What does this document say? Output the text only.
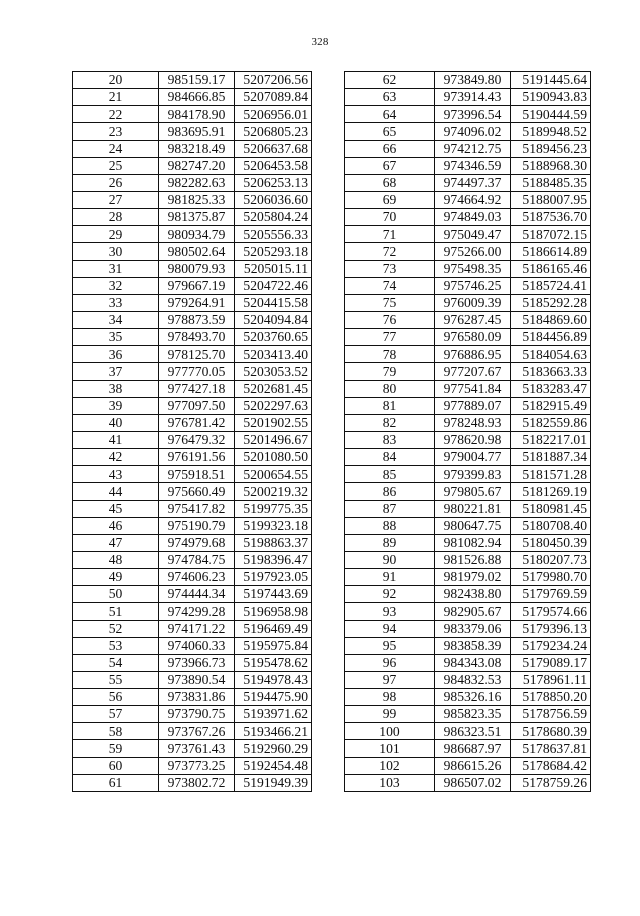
328
20	985159.17	5207206.56
21	984666.85	5207089.84
22	984178.90	5206956.01
23	983695.91	5206805.23
24	983218.49	5206637.68
25	982747.20	5206453.58
26	982282.63	5206253.13
27	981825.33	5206036.60
28	981375.87	5205804.24
29	980934.79	5205556.33
30	980502.64	5205293.18
31	980079.93	5205015.11
32	979667.19	5204722.46
33	979264.91	5204415.58
34	978873.59	5204094.84
35	978493.70	5203760.65
36	978125.70	5203413.40
37	977770.05	5203053.52
38	977427.18	5202681.45
39	977097.50	5202297.63
40	976781.42	5201902.55
41	976479.32	5201496.67
42	976191.56	5201080.50
43	975918.51	5200654.55
44	975660.49	5200219.32
45	975417.82	5199775.35
46	975190.79	5199323.18
47	974979.68	5198863.37
48	974784.75	5198396.47
49	974606.23	5197923.05
50	974444.34	5197443.69
51	974299.28	5196958.98
52	974171.22	5196469.49
53	974060.33	5195975.84
54	973966.73	5195478.62
55	973890.54	5194978.43
56	973831.86	5194475.90
57	973790.75	5193971.62
58	973767.26	5193466.21
59	973761.43	5192960.29
60	973773.25	5192454.48
61	973802.72	5191949.39
62	973849.80	5191445.64
63	973914.43	5190943.83
64	973996.54	5190444.59
65	974096.02	5189948.52
66	974212.75	5189456.23
67	974346.59	5188968.30
68	974497.37	5188485.35
69	974664.92	5188007.95
70	974849.03	5187536.70
71	975049.47	5187072.15
72	975266.00	5186614.89
73	975498.35	5186165.46
74	975746.25	5185724.41
75	976009.39	5185292.28
76	976287.45	5184869.60
77	976580.09	5184456.89
78	976886.95	5184054.63
79	977207.67	5183663.33
80	977541.84	5183283.47
81	977889.07	5182915.49
82	978248.93	5182559.86
83	978620.98	5182217.01
84	979004.77	5181887.34
85	979399.83	5181571.28
86	979805.67	5181269.19
87	980221.81	5180981.45
88	980647.75	5180708.40
89	981082.94	5180450.39
90	981526.88	5180207.73
91	981979.02	5179980.70
92	982438.80	5179769.59
93	982905.67	5179574.66
94	983379.06	5179396.13
95	983858.39	5179234.24
96	984343.08	5179089.17
97	984832.53	5178961.11
98	985326.16	5178850.20
99	985823.35	5178756.59
100	986323.51	5178680.39
101	986687.97	5178637.81
102	986615.26	5178684.42
103	986507.02	5178759.26
